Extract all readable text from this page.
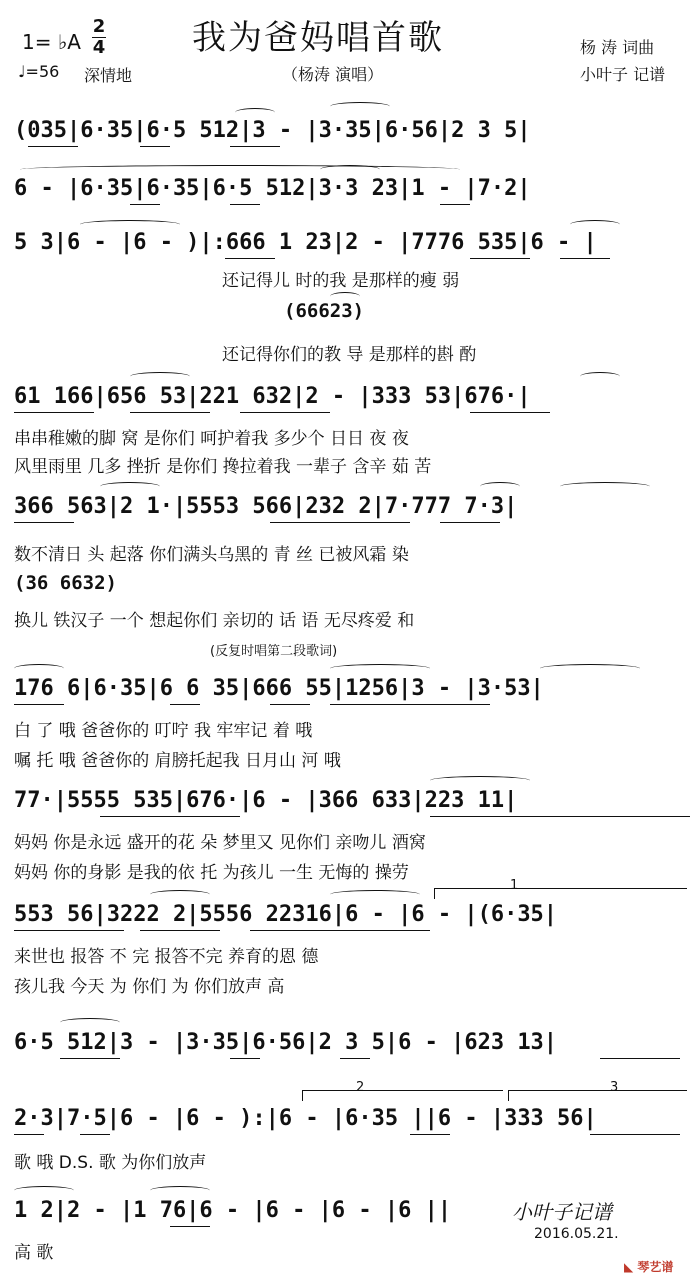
1= ♭A
2
4	我为爸妈唱首歌	杨 涛 词曲
♩=56 深情地	（杨涛 演唱）	小叶子 记谱
(035|6·35|6·5 512|3 - |3·35|6·56|2 3 5|
6 - |6·35|6·35|6·5 512|3·3 23|1 - |7·2|
5 3|6 - |6 - )|:666 1 23|2 - |7776 535|6 - |
还记得儿 时的我 是那样的瘦 弱
(66623)
还记得你们的教 导 是那样的斟 酌
61 166|656 53|221 632|2 - |333 53|676·|
串串稚嫩的脚 窝 是你们 呵护着我 多少个 日日 夜 夜
风里雨里 几多 挫折 是你们 搀拉着我 一辈子 含辛 茹 苦
366 563|2 1·|5553 566|232 2|7·777 7·3|
数不清日 头 起落 你们满头乌黑的 青 丝 已被风霜 染
(36 6632)
换儿 铁汉子 一个 想起你们 亲切的 话 语 无尽疼爱 和
(反复时唱第二段歌词)
176 6|6·35|6 6 35|666 55|1256|3 - |3·53|
白 了 哦 爸爸你的 叮咛 我 牢牢记 着 哦
嘱 托 哦 爸爸你的 肩膀托起我 日月山 河 哦
77·|5555 535|676·|6 - |366 633|223 11|
妈妈 你是永远 盛开的花 朵 梦里又 见你们 亲吻儿 酒窝
妈妈 你的身影 是我的依 托 为孩儿 一生 无悔的 操劳
1
553 56|3222 2|5556 22316|6 - |6 - |(6·35|
来世也 报答 不 完 报答不完 养育的恩 德
孩儿我 今天 为 你们 为 你们放声 高
6·5 512|3 - |3·35|6·56|2 3 5|6 - |623 13|
2	3
2·3|7·5|6 - |6 - ):|6 - |6·35 ||6 - |333 56|
歌 哦 D.S. 歌 为你们放声
1 2|2 - |1 76|6 - |6 - |6 - |6 ||
高 歌
小叶子记谱
2016.05.21.
◣ 琴艺谱
